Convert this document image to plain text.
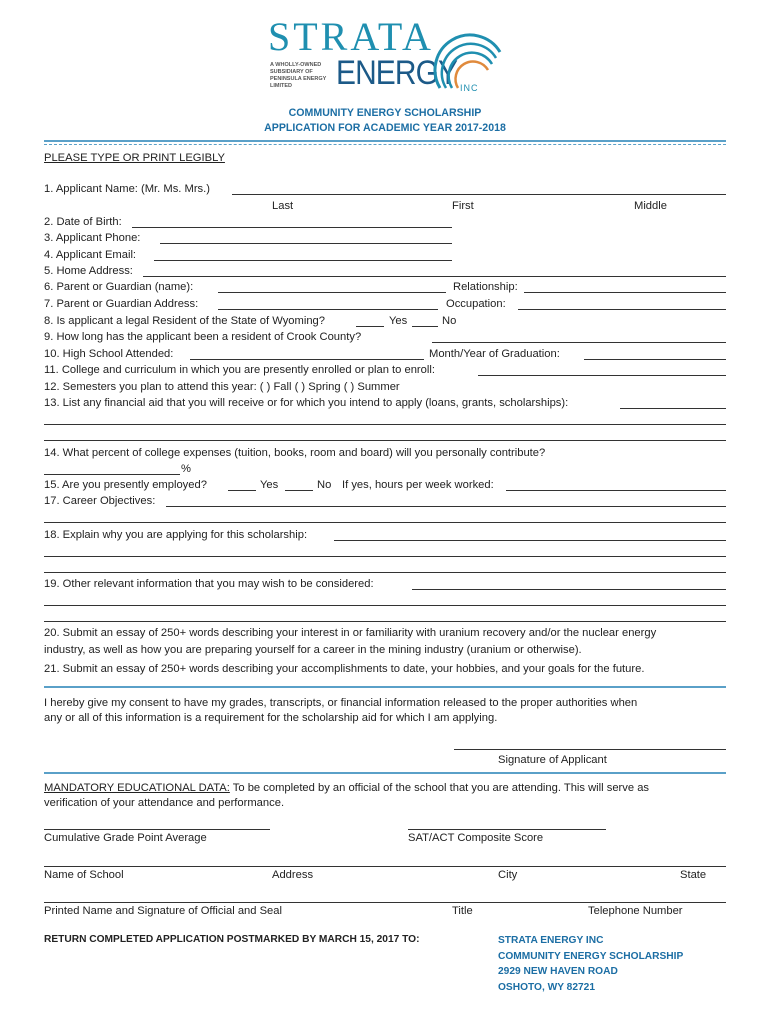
STRATA
ENERGY INC
A WHOLLY-OWNED
SUBSIDIARY OF
PENINSULA ENERGY
LIMITED
COMMUNITY ENERGY SCHOLARSHIP
APPLICATION FOR ACADEMIC YEAR 2017-2018
PLEASE TYPE OR PRINT LEGIBLY
1. Applicant Name: (Mr. Ms. Mrs.)
Last	First	Middle
2. Date of Birth:
3. Applicant Phone:
4. Applicant Email:
5. Home Address:
6. Parent or Guardian (name):	Relationship:
7. Parent or Guardian Address:	Occupation:
8. Is applicant a legal Resident of the State of Wyoming?	Yes	No
9. How long has the applicant been a resident of Crook County?
10. High School Attended:	Month/Year of Graduation:
11. College and curriculum in which you are presently enrolled or plan to enroll:
12. Semesters you plan to attend this year: ( ) Fall ( ) Spring ( ) Summer
13. List any financial aid that you will receive or for which you intend to apply (loans, grants, scholarships):
14. What percent of college expenses (tuition, books, room and board) will you personally contribute?
%
15. Are you presently employed?	Yes	No If yes, hours per week worked:
17. Career Objectives:
18. Explain why you are applying for this scholarship:
19. Other relevant information that you may wish to be considered:
20. Submit an essay of 250+ words describing your interest in or familiarity with uranium recovery and/or the nuclear energy
industry, as well as how you are preparing yourself for a career in the mining industry (uranium or otherwise).
21. Submit an essay of 250+ words describing your accomplishments to date, your hobbies, and your goals for the future.
I hereby give my consent to have my grades, transcripts, or financial information released to the proper authorities when
any or all of this information is a requirement for the scholarship aid for which I am applying.
Signature of Applicant
MANDATORY EDUCATIONAL DATA: To be completed by an official of the school that you are attending. This will serve as
verification of your attendance and performance.
Cumulative Grade Point Average	SAT/ACT Composite Score
Name of School	Address	City	State
Printed Name and Signature of Official and Seal	Title	Telephone Number
RETURN COMPLETED APPLICATION POSTMARKED BY MARCH 15, 2017 TO:	STRATA ENERGY INC
COMMUNITY ENERGY SCHOLARSHIP
2929 NEW HAVEN ROAD
OSHOTO, WY 82721
